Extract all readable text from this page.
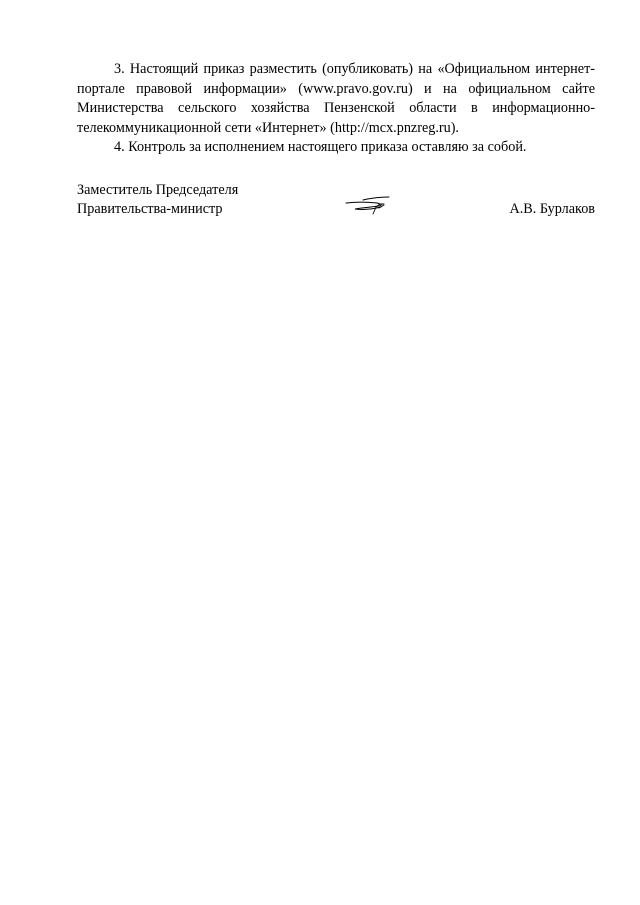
3. Настоящий приказ разместить (опубликовать) на «Официальном интернет-портале правовой информации» (www.pravo.gov.ru) и на официальном сайте Министерства сельского хозяйства Пензенской области в информационно-телекоммуникационной сети «Интернет» (http://mcx.pnzreg.ru).

4. Контроль за исполнением настоящего приказа оставляю за собой.

Заместитель Председателя
Правительства-министр	А.В. Бурлаков
